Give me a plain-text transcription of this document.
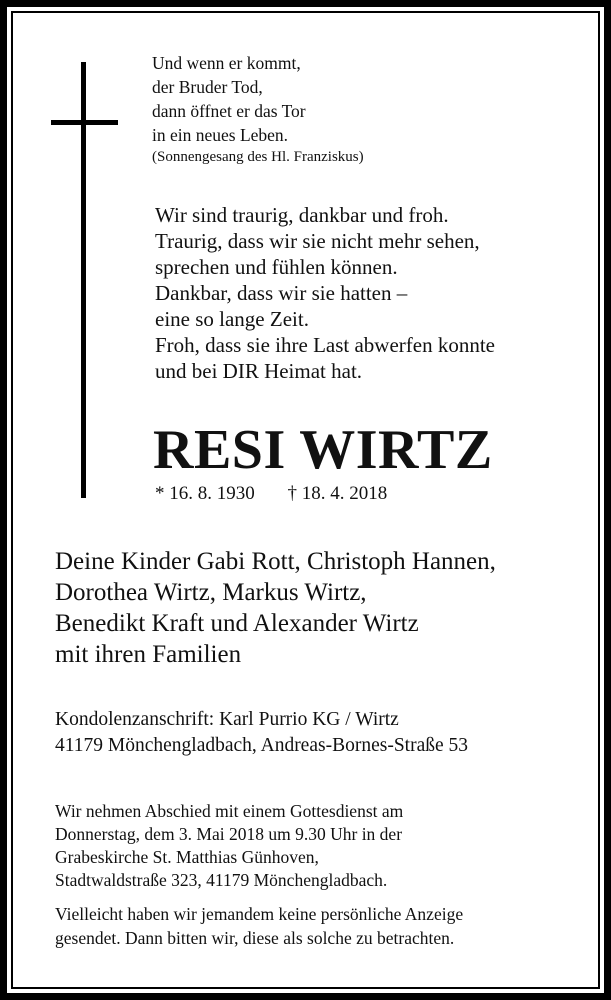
Und wenn er kommt,
der Bruder Tod,
dann öffnet er das Tor
in ein neues Leben.
(Sonnengesang des Hl. Franziskus)
Wir sind traurig, dankbar und froh.
Traurig, dass wir sie nicht mehr sehen,
sprechen und fühlen können.
Dankbar, dass wir sie hatten –
eine so lange Zeit.
Froh, dass sie ihre Last abwerfen konnte
und bei DIR Heimat hat.
RESI WIRTZ
* 16. 8. 1930 † 18. 4. 2018
Deine Kinder Gabi Rott, Christoph Hannen,
Dorothea Wirtz, Markus Wirtz,
Benedikt Kraft und Alexander Wirtz
mit ihren Familien
Kondolenzanschrift: Karl Purrio KG / Wirtz
41179 Mönchengladbach, Andreas-Bornes-Straße 53
Wir nehmen Abschied mit einem Gottesdienst am
Donnerstag, dem 3. Mai 2018 um 9.30 Uhr in der
Grabeskirche St. Matthias Günhoven,
Stadtwaldstraße 323, 41179 Mönchengladbach.
Vielleicht haben wir jemandem keine persönliche Anzeige
gesendet. Dann bitten wir, diese als solche zu betrachten.
